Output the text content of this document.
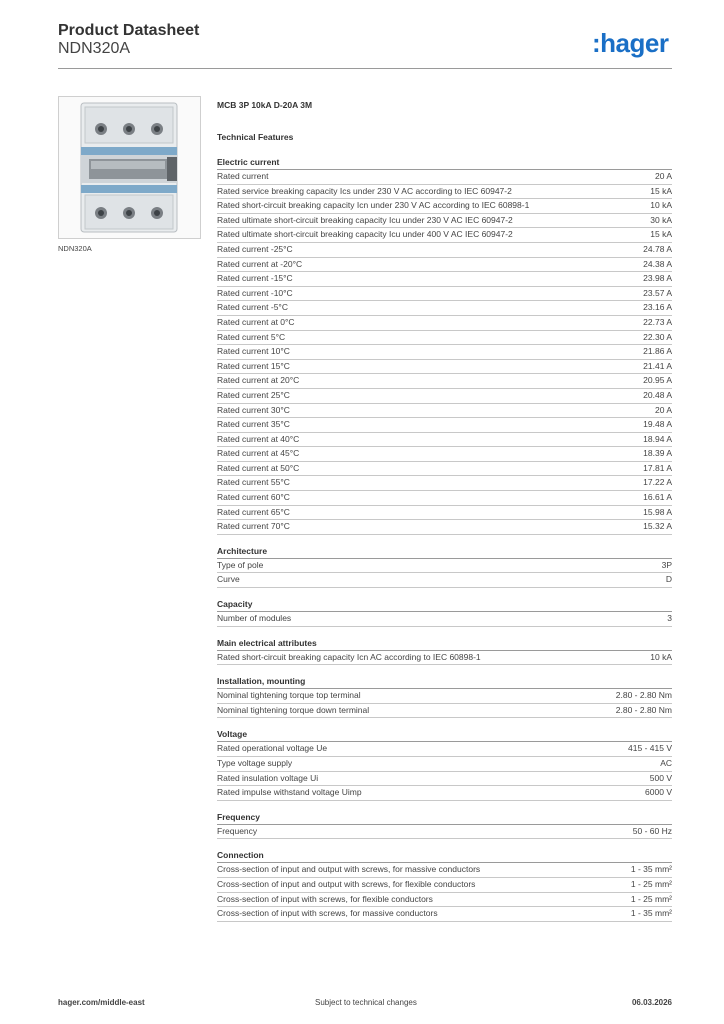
Product Datasheet
NDN320A	:hager
NDN320A
MCB 3P 10kA D-20A 3M
Technical Features
Electric current
Rated current	20 A
Rated service breaking capacity Ics under 230 V AC according to IEC 60947-2	15 kA
Rated short-circuit breaking capacity Icn under 230 V AC according to IEC 60898-1	10 kA
Rated ultimate short-circuit breaking capacity Icu under 230 V AC IEC 60947-2	30 kA
Rated ultimate short-circuit breaking capacity Icu under 400 V AC IEC 60947-2	15 kA
Rated current -25°C	24.78 A
Rated current at -20°C	24.38 A
Rated current -15°C	23.98 A
Rated current -10°C	23.57 A
Rated current -5°C	23.16 A
Rated current at 0°C	22.73 A
Rated current 5°C	22.30 A
Rated current 10°C	21.86 A
Rated current 15°C	21.41 A
Rated current at 20°C	20.95 A
Rated current 25°C	20.48 A
Rated current 30°C	20 A
Rated current 35°C	19.48 A
Rated current at 40°C	18.94 A
Rated current at 45°C	18.39 A
Rated current at 50°C	17.81 A
Rated current 55°C	17.22 A
Rated current 60°C	16.61 A
Rated current 65°C	15.98 A
Rated current 70°C	15.32 A
Architecture
Type of pole	3P
Curve	D
Capacity
Number of modules	3
Main electrical attributes
Rated short-circuit breaking capacity Icn AC according to IEC 60898-1	10 kA
Installation, mounting
Nominal tightening torque top terminal	2.80 - 2.80 Nm
Nominal tightening torque down terminal	2.80 - 2.80 Nm
Voltage
Rated operational voltage Ue	415 - 415 V
Type voltage supply	AC
Rated insulation voltage Ui	500 V
Rated impulse withstand voltage Uimp	6000 V
Frequency
Frequency	50 - 60 Hz
Connection
Cross-section of input and output with screws, for massive conductors	1 - 35 mm²
Cross-section of input and output with screws, for flexible conductors	1 - 25 mm²
Cross-section of input with screws, for flexible conductors	1 - 25 mm²
Cross-section of input with screws, for massive conductors	1 - 35 mm²
hager.com/middle-east	Subject to technical changes	06.03.2026
